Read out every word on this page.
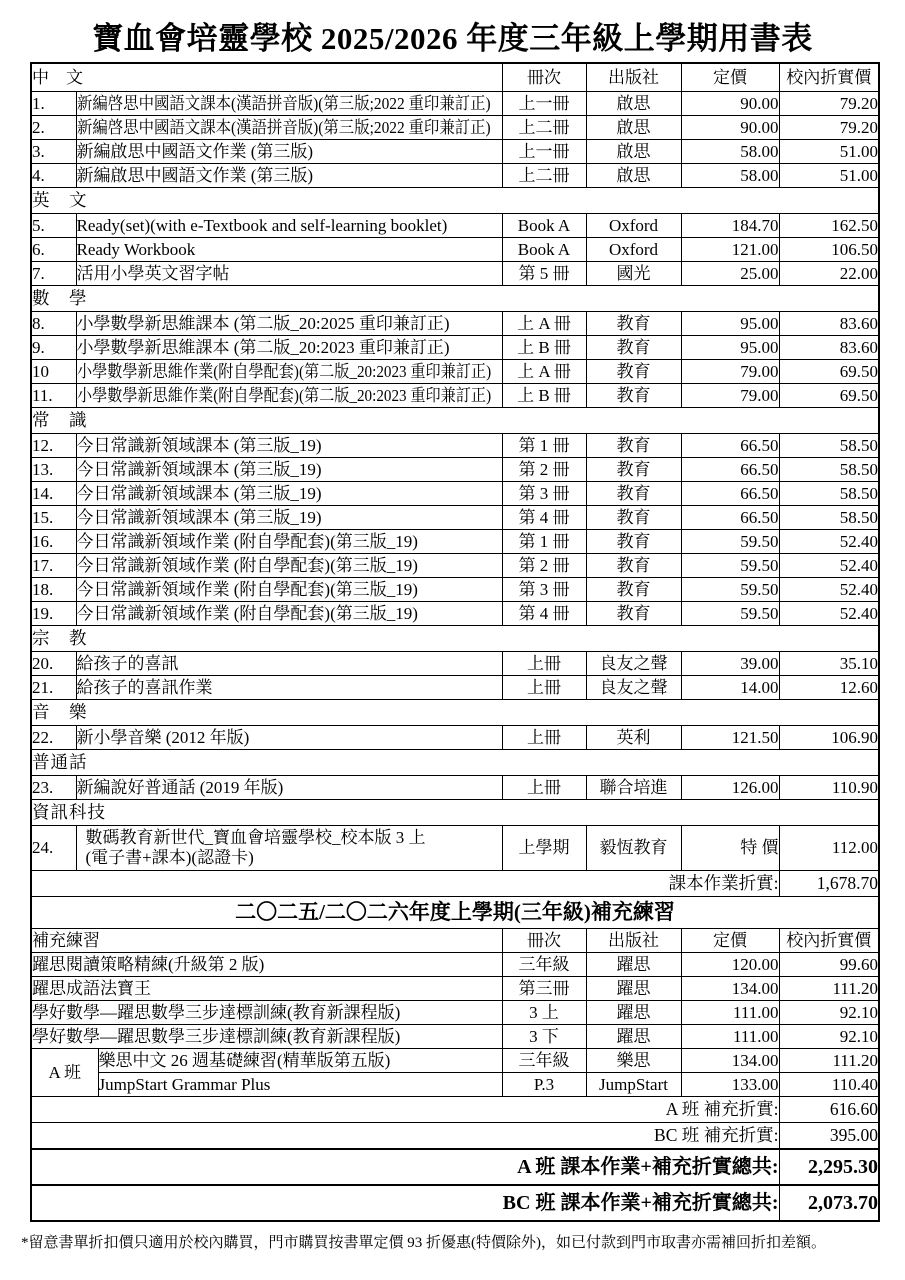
寶血會培靈學校 2025/2026 年度三年級上學期用書表
中　文			冊次	出版社	定價	校內折實價
1.	新編啓思中國語文課本(漢語拼音版)(第三版;2022 重印兼訂正)		上一冊	啟思	90.00	79.20
2.	新編啓思中國語文課本(漢語拼音版)(第三版;2022 重印兼訂正)		上二冊	啟思	90.00	79.20
3.	新編啟思中國語文作業 (第三版)		上一冊	啟思	58.00	51.00
4.	新編啟思中國語文作業 (第三版)		上二冊	啟思	58.00	51.00
英　文						
5.	Ready(set)(with e-Textbook and self-learning booklet)		Book A	Oxford	184.70	162.50
6.	Ready Workbook		Book A	Oxford	121.00	106.50
7.	活用小學英文習字帖		第 5 冊	國光	25.00	22.00
數　學						
8.	小學數學新思維課本 (第二版_20:2025 重印兼訂正)		上 A 冊	教育	95.00	83.60
9.	小學數學新思維課本 (第二版_20:2023 重印兼訂正)		上 B 冊	教育	95.00	83.60
10	小學數學新思維作業(附自學配套)(第二版_20:2023 重印兼訂正)		上 A 冊	教育	79.00	69.50
11.	小學數學新思維作業(附自學配套)(第二版_20:2023 重印兼訂正)		上 B 冊	教育	79.00	69.50
常　識						
12.	今日常識新領域課本 (第三版_19)		第 1 冊	教育	66.50	58.50
13.	今日常識新領域課本 (第三版_19)		第 2 冊	教育	66.50	58.50
14.	今日常識新領域課本 (第三版_19)		第 3 冊	教育	66.50	58.50
15.	今日常識新領域課本 (第三版_19)		第 4 冊	教育	66.50	58.50
16.	今日常識新領域作業 (附自學配套)(第三版_19)		第 1 冊	教育	59.50	52.40
17.	今日常識新領域作業 (附自學配套)(第三版_19)		第 2 冊	教育	59.50	52.40
18.	今日常識新領域作業 (附自學配套)(第三版_19)		第 3 冊	教育	59.50	52.40
19.	今日常識新領域作業 (附自學配套)(第三版_19)		第 4 冊	教育	59.50	52.40
宗　教						
20.	給孩子的喜訊		上冊	良友之聲	39.00	35.10
21.	給孩子的喜訊作業		上冊	良友之聲	14.00	12.60
音　樂						
22.	新小學音樂 (2012 年版)		上冊	英利	121.50	106.90
普通話						
23.	新編說好普通話 (2019 年版)		上冊	聯合培進	126.00	110.90
資訊科技						
24.	數碼教育新世代_寶血會培靈學校_校本版 3 上
(電子書+課本)(認證卡)		上學期	毅恆教育	特 價	112.00
課本作業折實:						1,678.70
二〇二五/二〇二六年度上學期(三年級)補充練習						
補充練習			冊次	出版社	定價	校內折實價
躍思閱讀策略精練(升級第 2 版)			三年級	躍思	120.00	99.60
躍思成語法寶王			第三冊	躍思	134.00	111.20
學好數學—躍思數學三步達標訓練(教育新課程版)			3 上	躍思	111.00	92.10
學好數學—躍思數學三步達標訓練(教育新課程版)			3 下	躍思	111.00	92.10
A 班		樂思中文 26 週基礎練習(精華版第五版)	三年級	樂思	134.00	111.20
		JumpStart Grammar Plus	P.3	JumpStart	133.00	110.40
A 班 補充折實:						616.60
BC 班 補充折實:						395.00
A 班 課本作業+補充折實總共:						2,295.30
BC 班 課本作業+補充折實總共:						2,073.70
*留意書單折扣價只適用於校內購買，門市購買按書單定價 93 折優惠(特價除外)，如已付款到門市取書亦需補回折扣差額。
